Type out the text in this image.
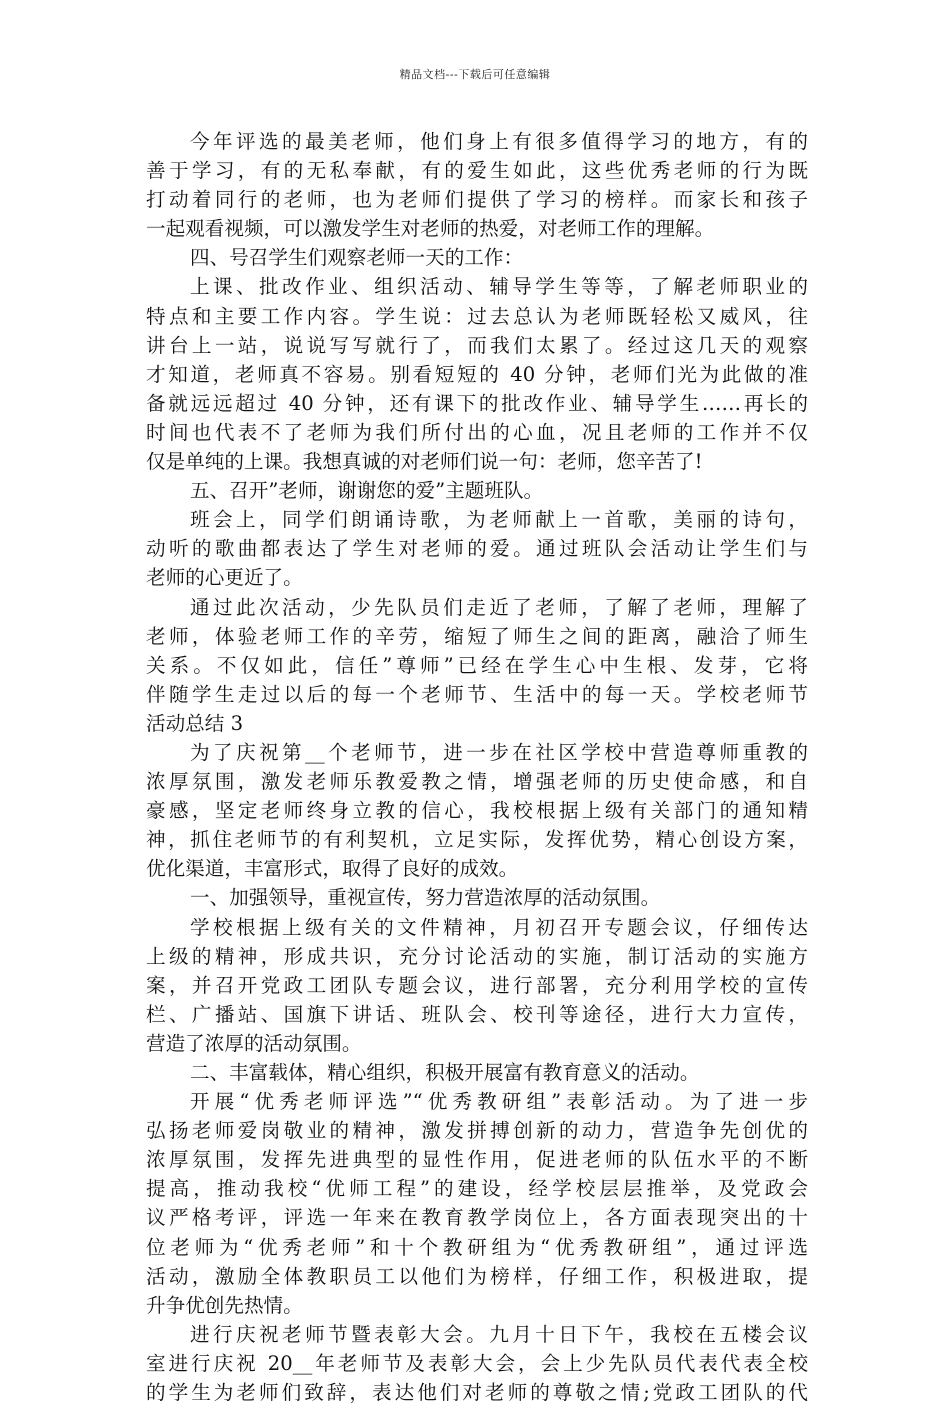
精品文档---下载后可任意编辑
今年评选的最美老师，他们身上有很多值得学习的地方，有的
善于学习，有的无私奉献，有的爱生如此，这些优秀老师的行为既
打动着同行的老师，也为老师们提供了学习的榜样。而家长和孩子
一起观看视频，可以激发学生对老师的热爱，对老师工作的理解。
四、号召学生们观察老师一天的工作：
上课、批改作业、组织活动、辅导学生等等，了解老师职业的
特点和主要工作内容。学生说：过去总认为老师既轻松又威风，往
讲台上一站，说说写写就行了，而我们太累了。经过这几天的观察
才知道，老师真不容易。别看短短的 40 分钟，老师们光为此做的准
备就远远超过 40 分钟，还有课下的批改作业、辅导学生……再长的
时间也代表不了老师为我们所付出的心血，况且老师的工作并不仅
仅是单纯的上课。我想真诚的对老师们说一句：老师，您辛苦了!
五、召开”老师，谢谢您的爱”主题班队。
班会上，同学们朗诵诗歌，为老师献上一首歌，美丽的诗句，
动听的歌曲都表达了学生对老师的爱。通过班队会活动让学生们与
老师的心更近了。
通过此次活动，少先队员们走近了老师，了解了老师，理解了
老师，体验老师工作的辛劳，缩短了师生之间的距离，融洽了师生
关系。不仅如此，信任”尊师”已经在学生心中生根、发芽，它将
伴随学生走过以后的每一个老师节、生活中的每一天。学校老师节
活动总结 3
为了庆祝第__个老师节，进一步在社区学校中营造尊师重教的
浓厚氛围，激发老师乐教爱教之情，增强老师的历史使命感，和自
豪感，坚定老师终身立教的信心，我校根据上级有关部门的通知精
神，抓住老师节的有利契机，立足实际，发挥优势，精心创设方案，
优化渠道，丰富形式，取得了良好的成效。
一、加强领导，重视宣传，努力营造浓厚的活动氛围。
学校根据上级有关的文件精神，月初召开专题会议，仔细传达
上级的精神，形成共识，充分讨论活动的实施，制订活动的实施方
案，并召开党政工团队专题会议，进行部署，充分利用学校的宣传
栏、广播站、国旗下讲话、班队会、校刊等途径，进行大力宣传，
营造了浓厚的活动氛围。
二、丰富载体，精心组织，积极开展富有教育意义的活动。
开展“优秀老师评选”“优秀教研组”表彰活动。为了进一步
弘扬老师爱岗敬业的精神，激发拼搏创新的动力，营造争先创优的
浓厚氛围，发挥先进典型的显性作用，促进老师的队伍水平的不断
提高，推动我校“优师工程”的建设，经学校层层推举，及党政会
议严格考评，评选一年来在教育教学岗位上，各方面表现突出的十
位老师为“优秀老师”和十个教研组为“优秀教研组”，通过评选
活动，激励全体教职员工以他们为榜样，仔细工作，积极进取，提
升争优创先热情。
进行庆祝老师节暨表彰大会。九月十日下午，我校在五楼会议
室进行庆祝 20__年老师节及表彰大会，会上少先队员代表代表全校
的学生为老师们致辞，表达他们对老师的尊敬之情;党政工团队的代
